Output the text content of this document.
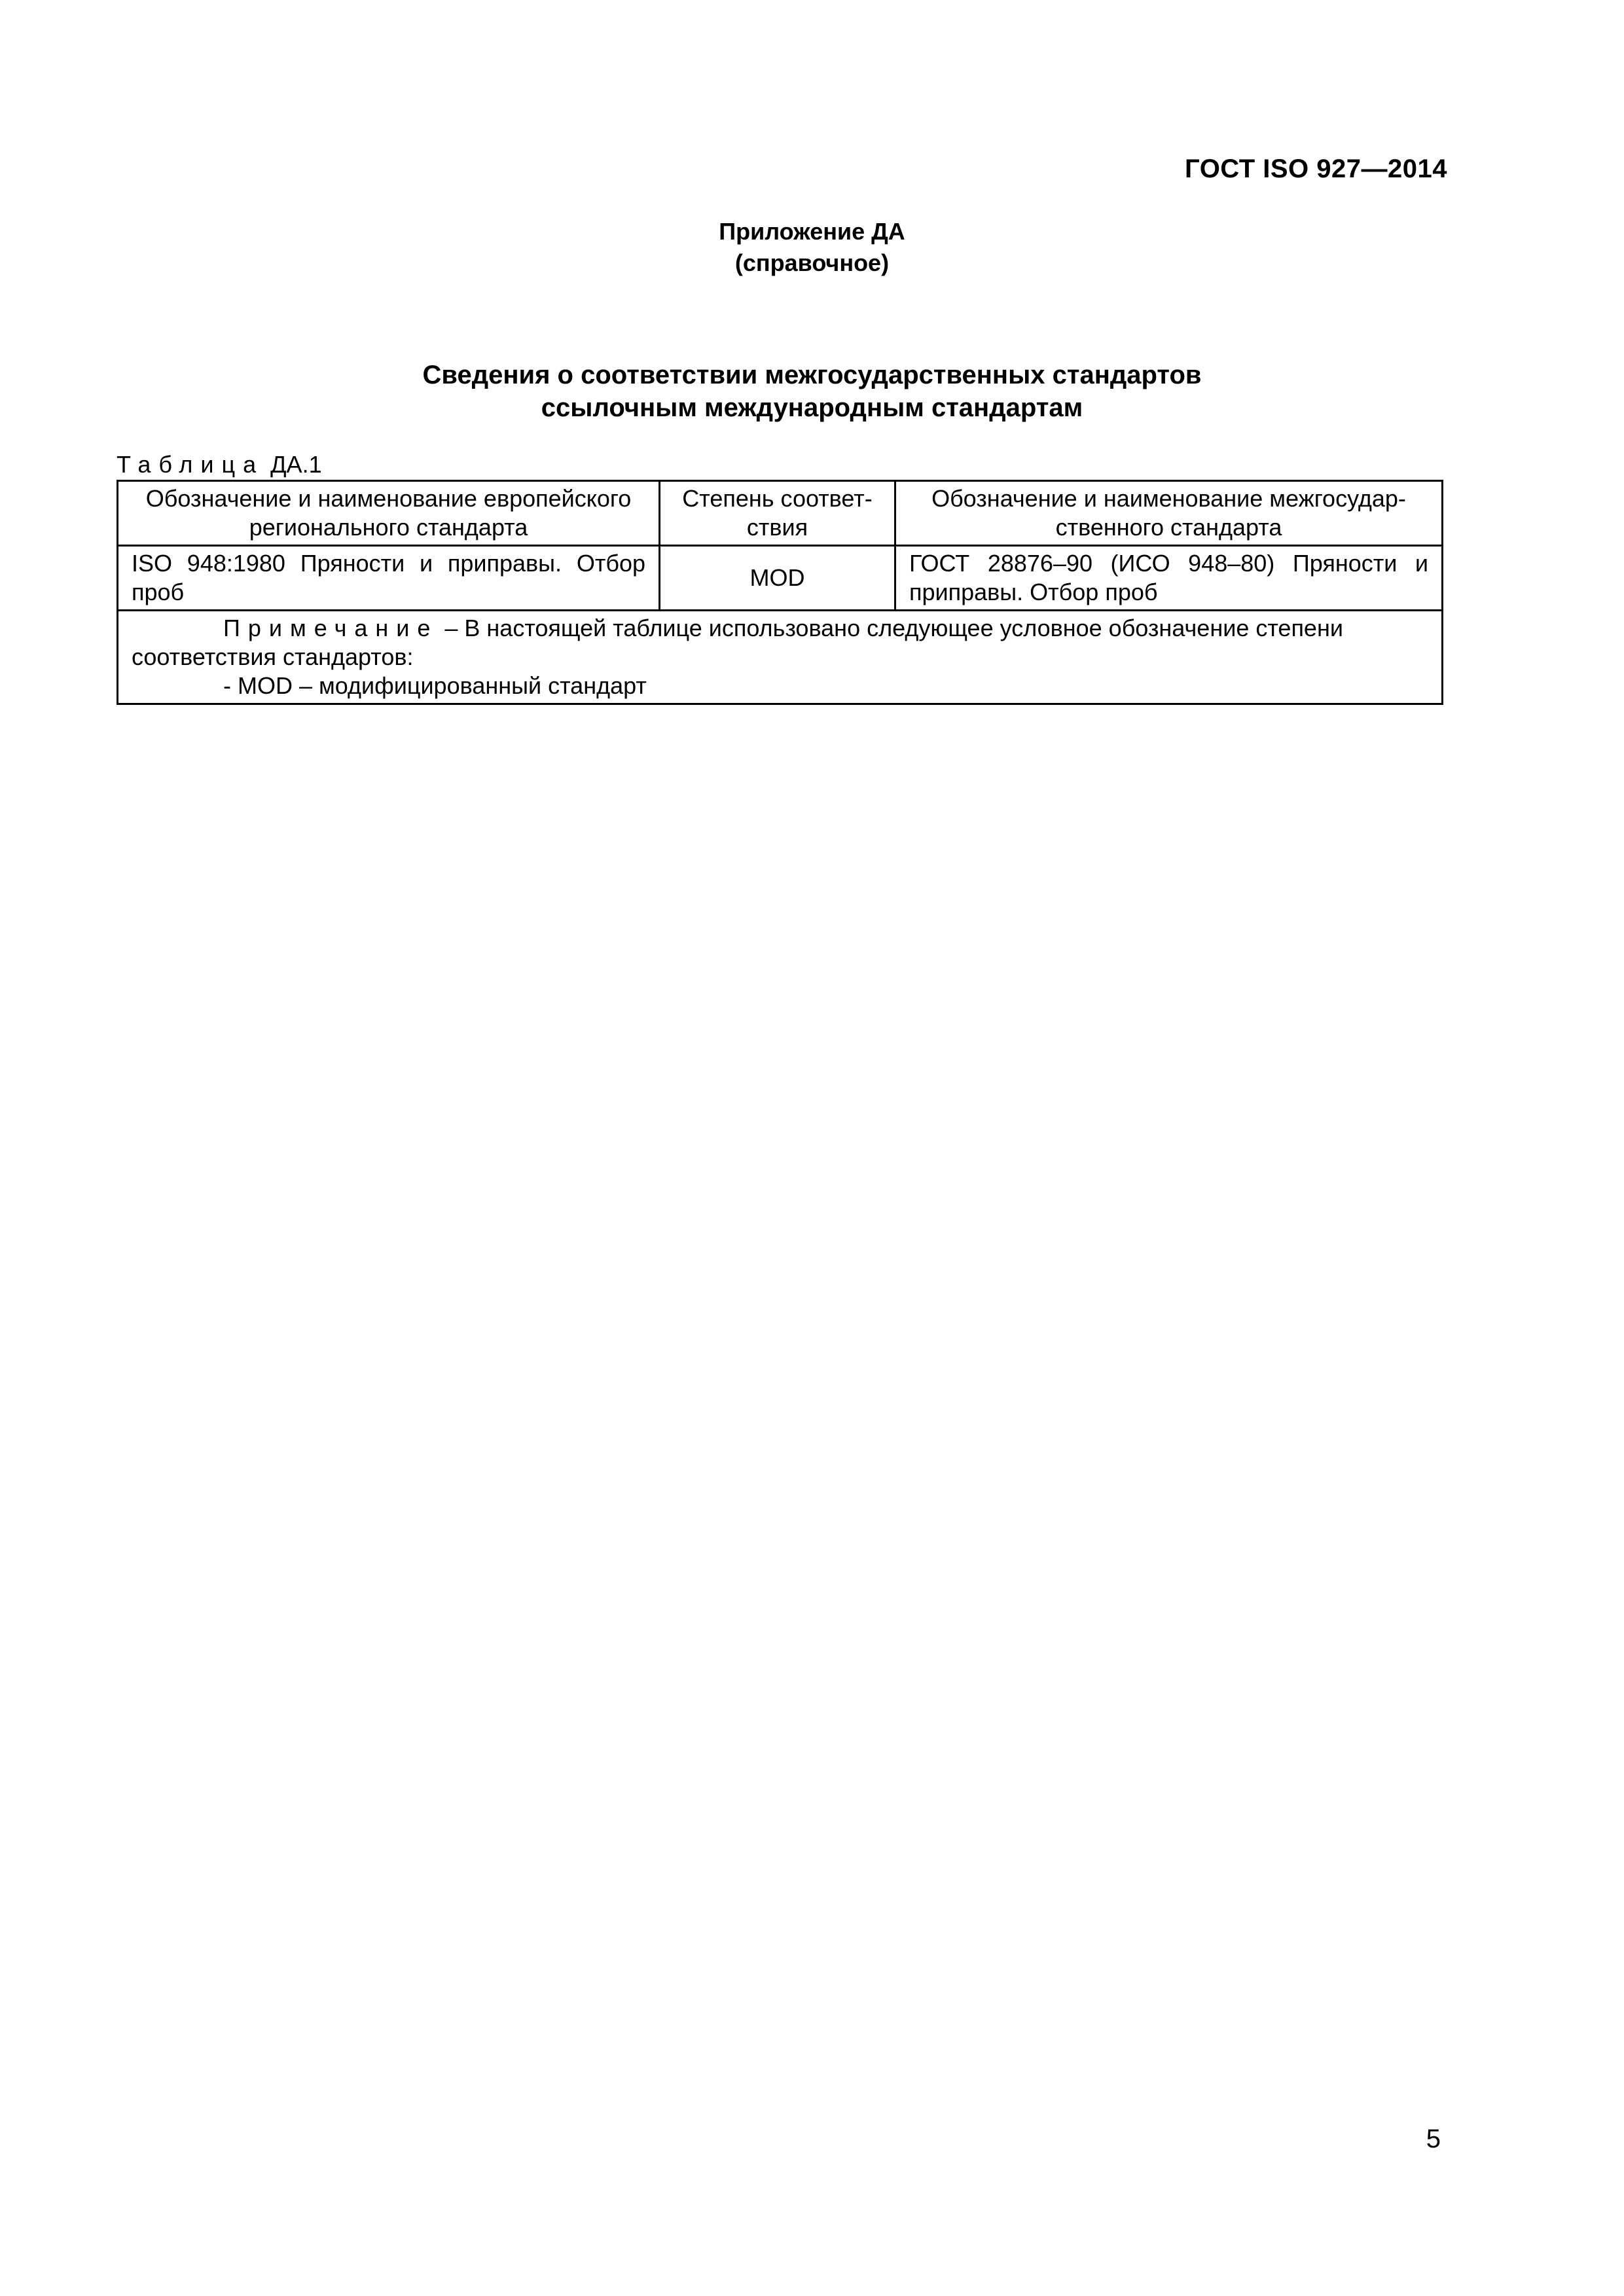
ГОСТ ISO 927—2014
Приложение ДА
(справочное)
Сведения о соответствии межгосударственных стандартов
ссылочным международным стандартам
Таблица ДА.1
Обозначение и наименование европейского регионального стандарта	Степень соответ-ствия	Обозначение и наименование межгосудар-ственного стандарта
ISO 948:1980 Пряности и приправы. Отбор проб	MOD	ГОСТ 28876–90 (ИСО 948–80) Пряности и приправы. Отбор проб

Примечание – В настоящей таблице использовано следующее условное обозначение степени соответствия стандартов:
- MOD – модифицированный стандарт		
5
